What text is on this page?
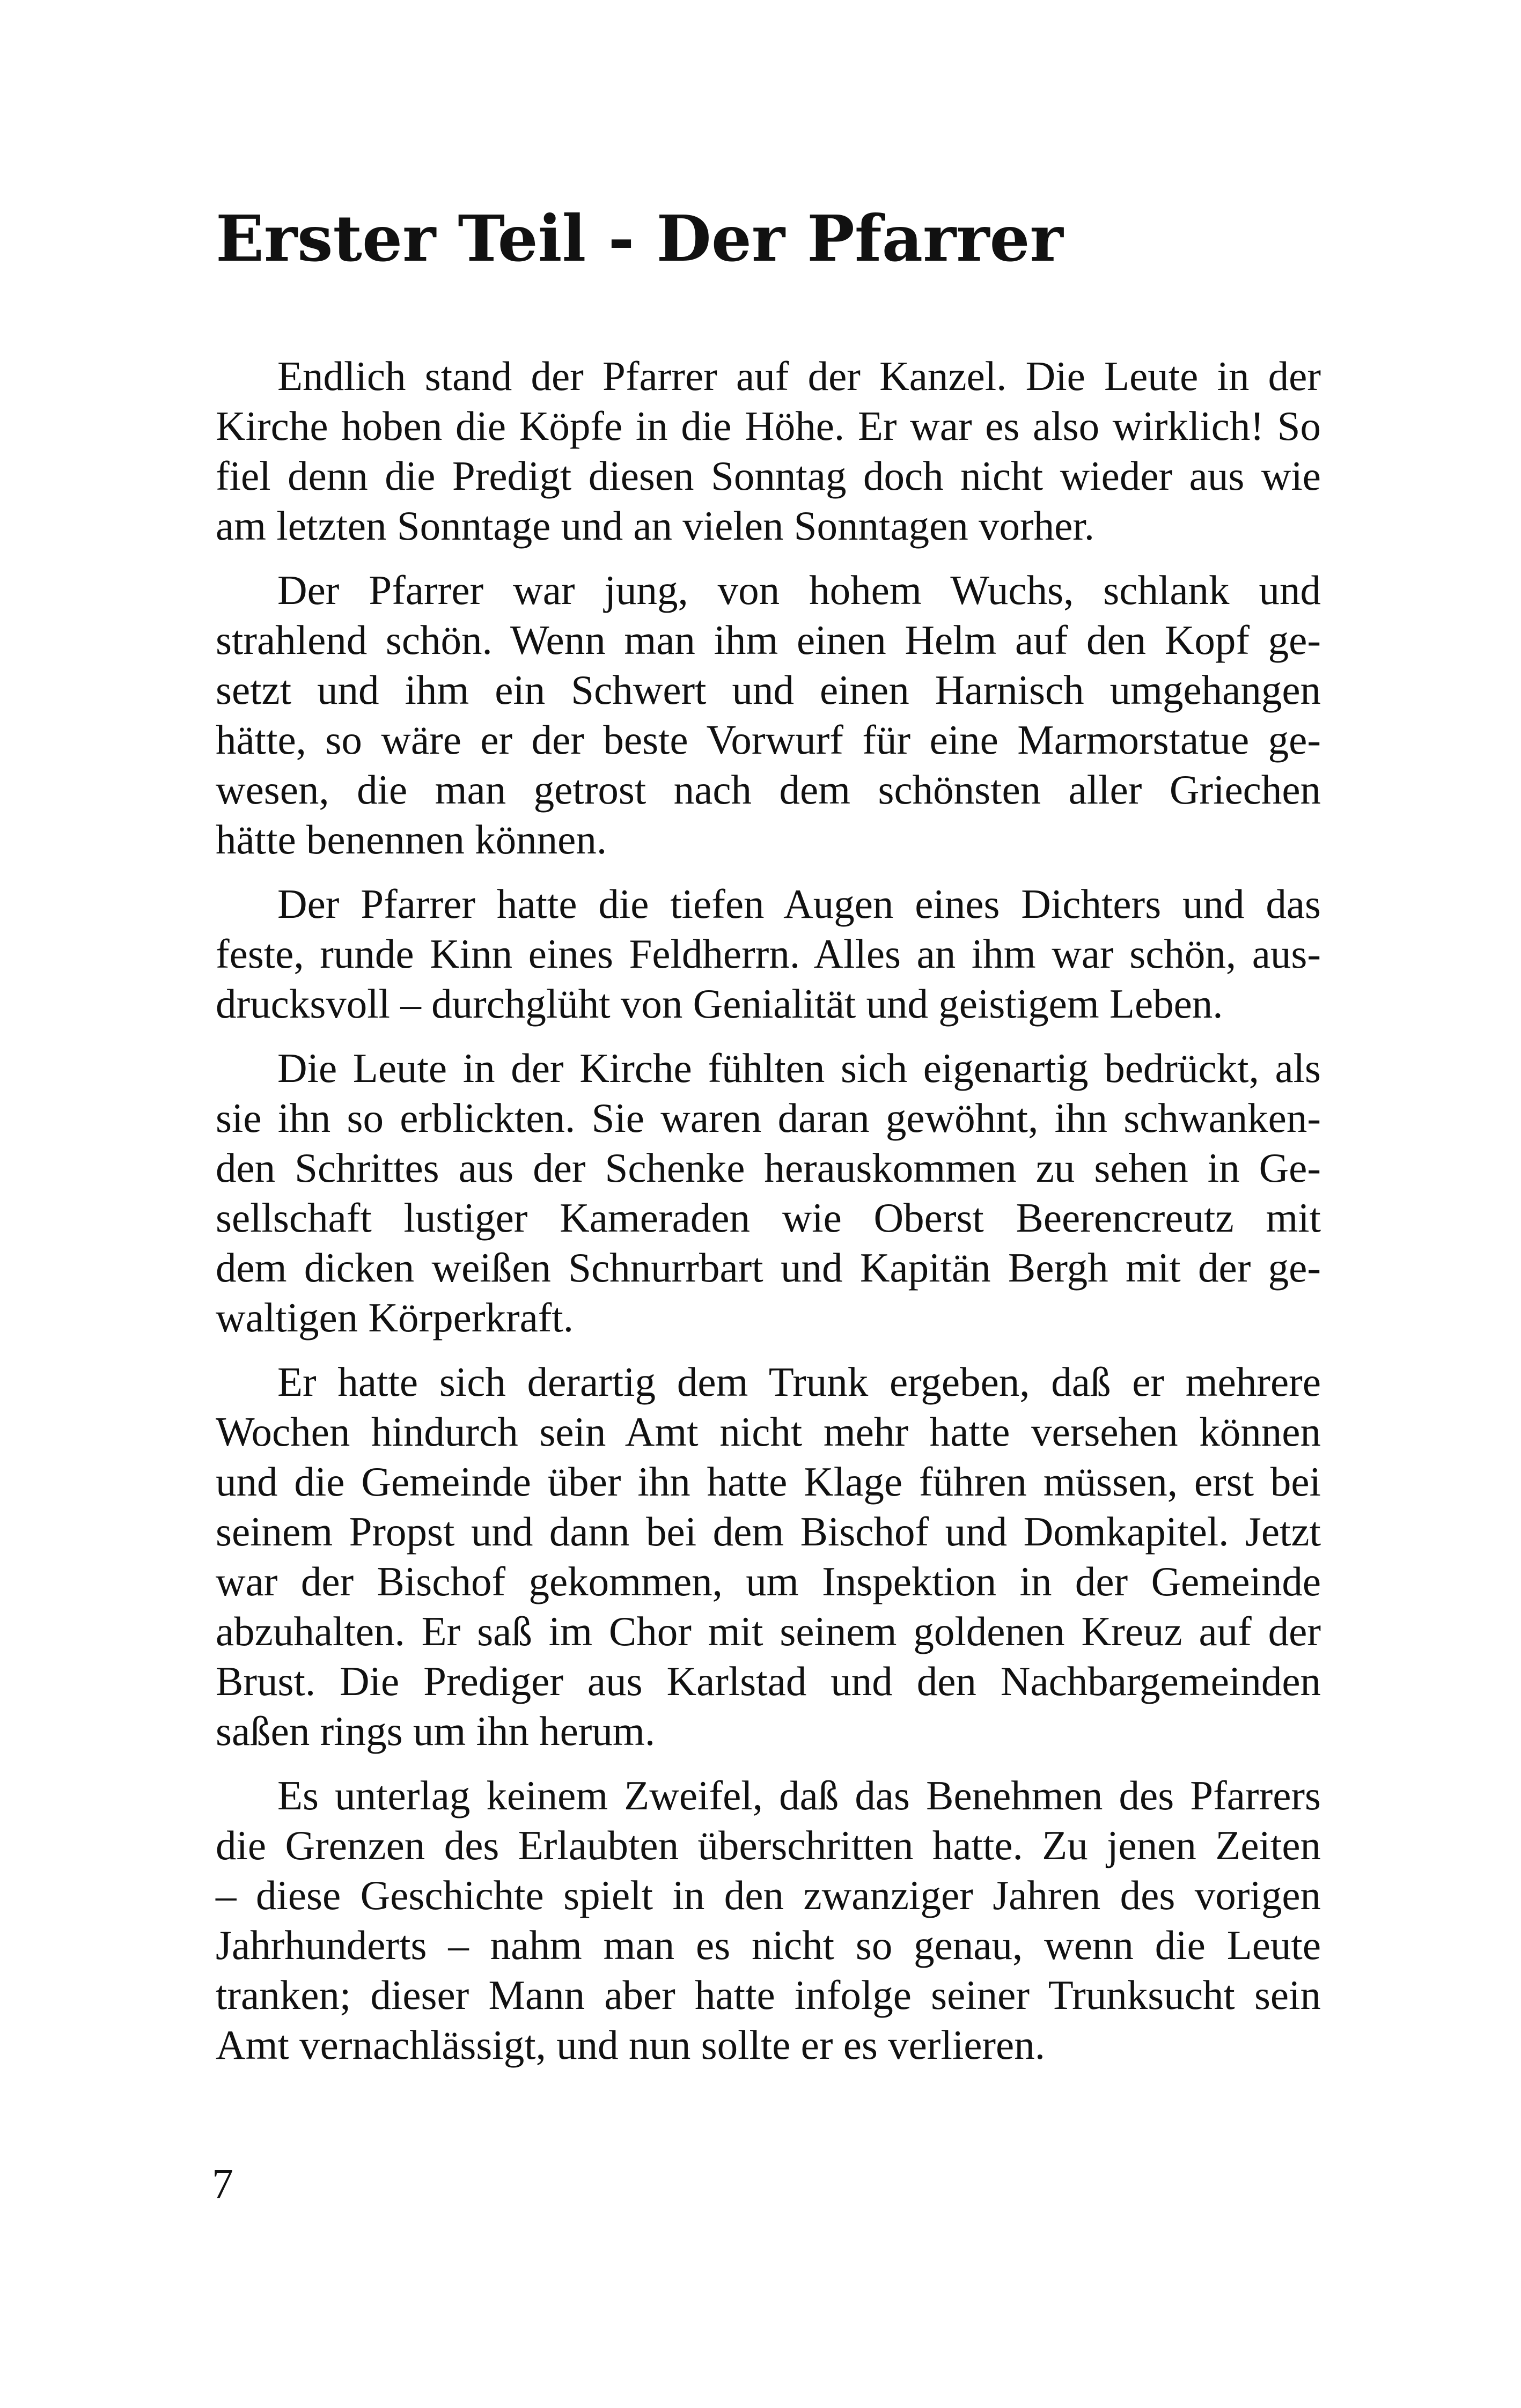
Erster Teil - Der Pfarrer

Endlich stand der Pfarrer auf der Kanzel. Die Leute in der
Kirche hoben die Köpfe in die Höhe. Er war es also wirklich! So
fiel denn die Predigt diesen Sonntag doch nicht wieder aus wie
am letzten Sonntage und an vielen Sonntagen vorher.

Der Pfarrer war jung, von hohem Wuchs, schlank und
strahlend schön. Wenn man ihm einen Helm auf den Kopf ge-
setzt und ihm ein Schwert und einen Harnisch umgehangen
hätte, so wäre er der beste Vorwurf für eine Marmorstatue ge-
wesen, die man getrost nach dem schönsten aller Griechen
hätte benennen können.

Der Pfarrer hatte die tiefen Augen eines Dichters und das
feste, runde Kinn eines Feldherrn. Alles an ihm war schön, aus-
drucksvoll – durchglüht von Genialität und geistigem Leben.

Die Leute in der Kirche fühlten sich eigenartig bedrückt, als
sie ihn so erblickten. Sie waren daran gewöhnt, ihn schwanken-
den Schrittes aus der Schenke herauskommen zu sehen in Ge-
sellschaft lustiger Kameraden wie Oberst Beerencreutz mit
dem dicken weißen Schnurrbart und Kapitän Bergh mit der ge-
waltigen Körperkraft.

Er hatte sich derartig dem Trunk ergeben, daß er mehrere
Wochen hindurch sein Amt nicht mehr hatte versehen können
und die Gemeinde über ihn hatte Klage führen müssen, erst bei
seinem Propst und dann bei dem Bischof und Domkapitel. Jetzt
war der Bischof gekommen, um Inspektion in der Gemeinde
abzuhalten. Er saß im Chor mit seinem goldenen Kreuz auf der
Brust. Die Prediger aus Karlstad und den Nachbargemeinden
saßen rings um ihn herum.

Es unterlag keinem Zweifel, daß das Benehmen des Pfarrers
die Grenzen des Erlaubten überschritten hatte. Zu jenen Zeiten
– diese Geschichte spielt in den zwanziger Jahren des vorigen
Jahrhunderts – nahm man es nicht so genau, wenn die Leute
tranken; dieser Mann aber hatte infolge seiner Trunksucht sein
Amt vernachlässigt, und nun sollte er es verlieren.

7
